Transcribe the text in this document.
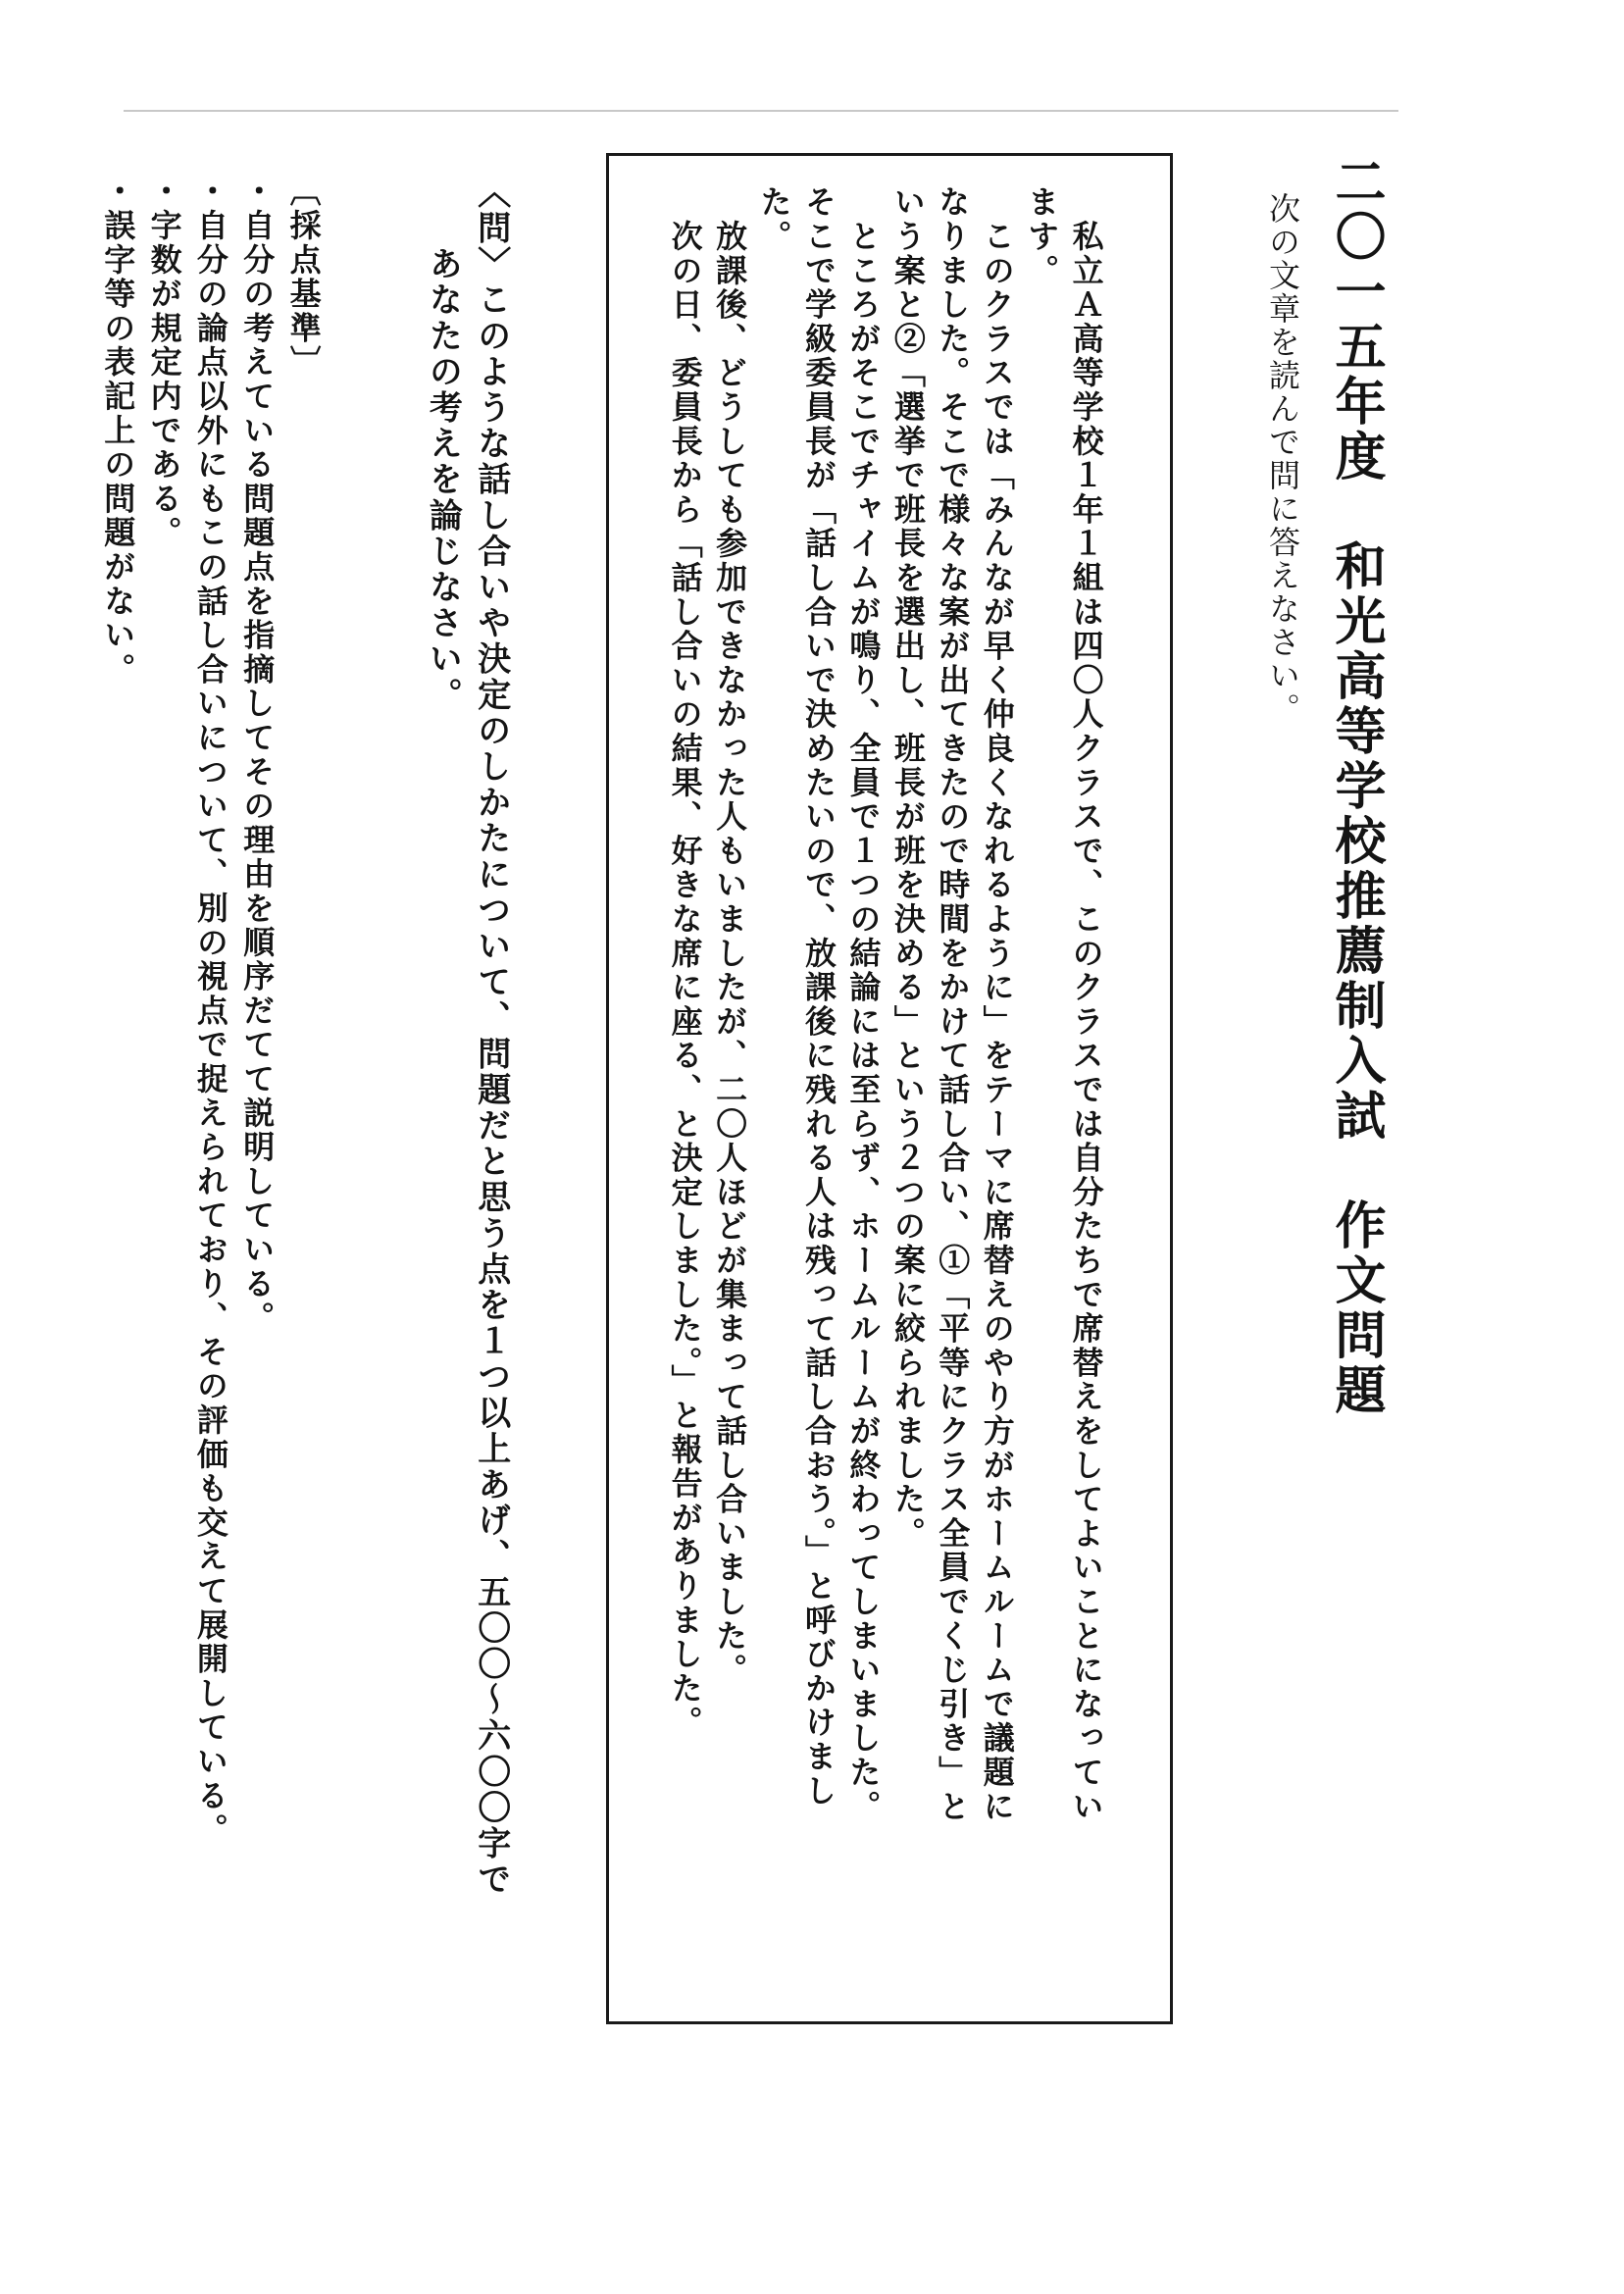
二〇一五年度　和光高等学校推薦制入試　作文問題

次の文章を読んで問に答えなさい。

　私立Ａ高等学校１年１組は四〇人クラスで、このクラスでは自分たちで席替えをしてよいことになってい
ます。
　このクラスでは「みんなが早く仲良くなれるように」をテーマに席替えのやり方がホームルームで議題に
なりました。そこで様々な案が出てきたので時間をかけて話し合い、①「平等にクラス全員でくじ引き」と
いう案と②「選挙で班長を選出し、班長が班を決める」という２つの案に絞られました。
　ところがそこでチャイムが鳴り、全員で１つの結論には至らず、ホームルームが終わってしまいました。
そこで学級委員長が「話し合いで決めたいので、放課後に残れる人は残って話し合おう。」と呼びかけまし
た。
　放課後、どうしても参加できなかった人もいましたが、二〇人ほどが集まって話し合いました。
　次の日、委員長から「話し合いの結果、好きな席に座る、と決定しました。」と報告がありました。

〈問〉このような話し合いや決定のしかたについて、問題だと思う点を１つ以上あげ、五〇〇～六〇〇字で
　　あなたの考えを論じなさい。

〔採点基準〕
・自分の考えている問題点を指摘してその理由を順序だてて説明している。
・自分の論点以外にもこの話し合いについて、別の視点で捉えられており、その評価も交えて展開している。
・字数が規定内である。
・誤字等の表記上の問題がない。
